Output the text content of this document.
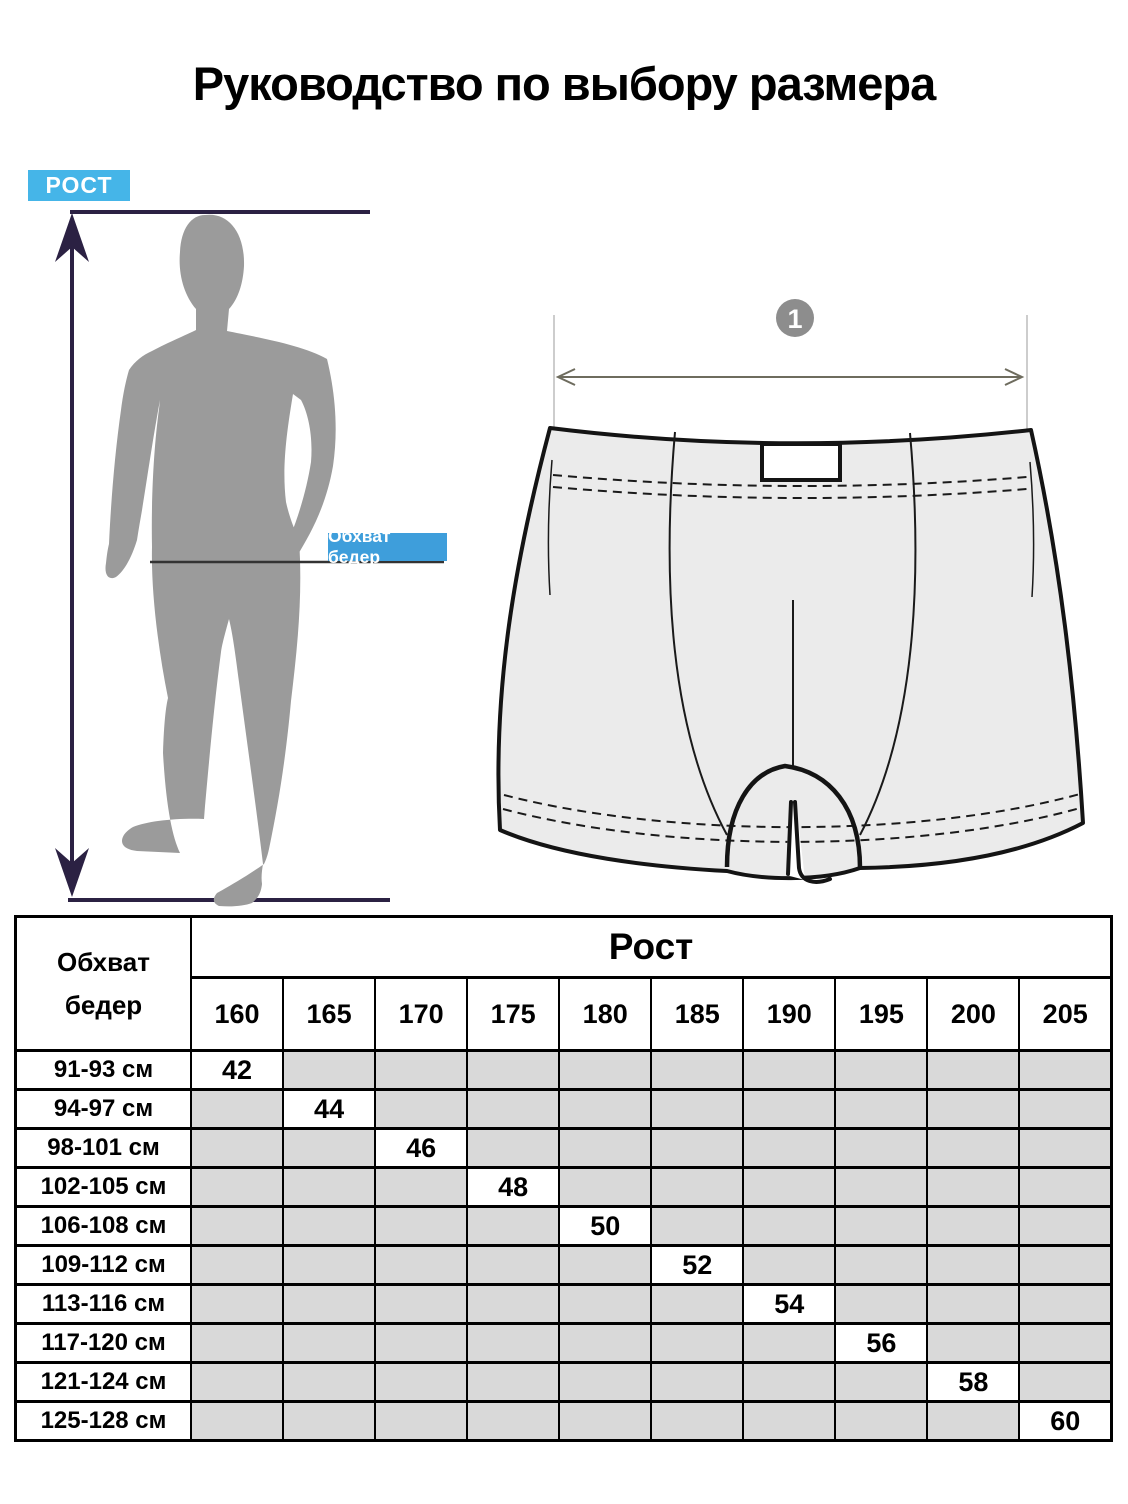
Руководство по выбору размера
1
РОСТ
Обхват бедер
Обхват бедер	Рост									
	160	165	170	175	180	185	190	195	200	205
91-93 см	42									
94-97 см		44								
98-101 см			46							
102-105 см				48						
106-108 см					50					
109-112 см						52				
113-116 см							54			
117-120 см								56		
121-124 см									58	
125-128 см										60
